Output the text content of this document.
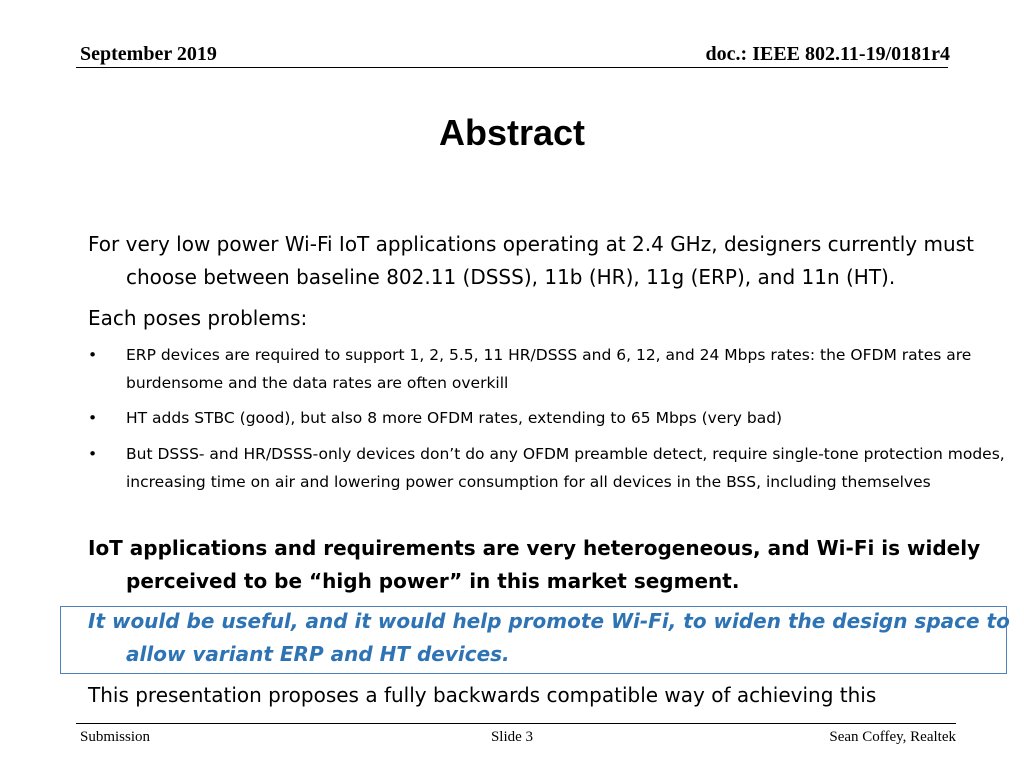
September 2019	doc.: IEEE 802.11-19/0181r4
Abstract
For very low power Wi-Fi IoT applications operating at 2.4 GHz, designers currently must choose between baseline 802.11 (DSSS), 11b (HR), 11g (ERP), and 11n (HT).
Each poses problems:
• ERP devices are required to support 1, 2, 5.5, 11 HR/DSSS and 6, 12, and 24 Mbps rates: the OFDM rates are burdensome and the data rates are often overkill
• HT adds STBC (good), but also 8 more OFDM rates, extending to 65 Mbps (very bad)
• But DSSS- and HR/DSSS-only devices don’t do any OFDM preamble detect, require single-tone protection modes, increasing time on air and lowering power consumption for all devices in the BSS, including themselves
IoT applications and requirements are very heterogeneous, and Wi-Fi is widely perceived to be “high power” in this market segment.
It would be useful, and it would help promote Wi-Fi, to widen the design space to allow variant ERP and HT devices.
This presentation proposes a fully backwards compatible way of achieving this
Submission	Slide 3	Sean Coffey, Realtek
